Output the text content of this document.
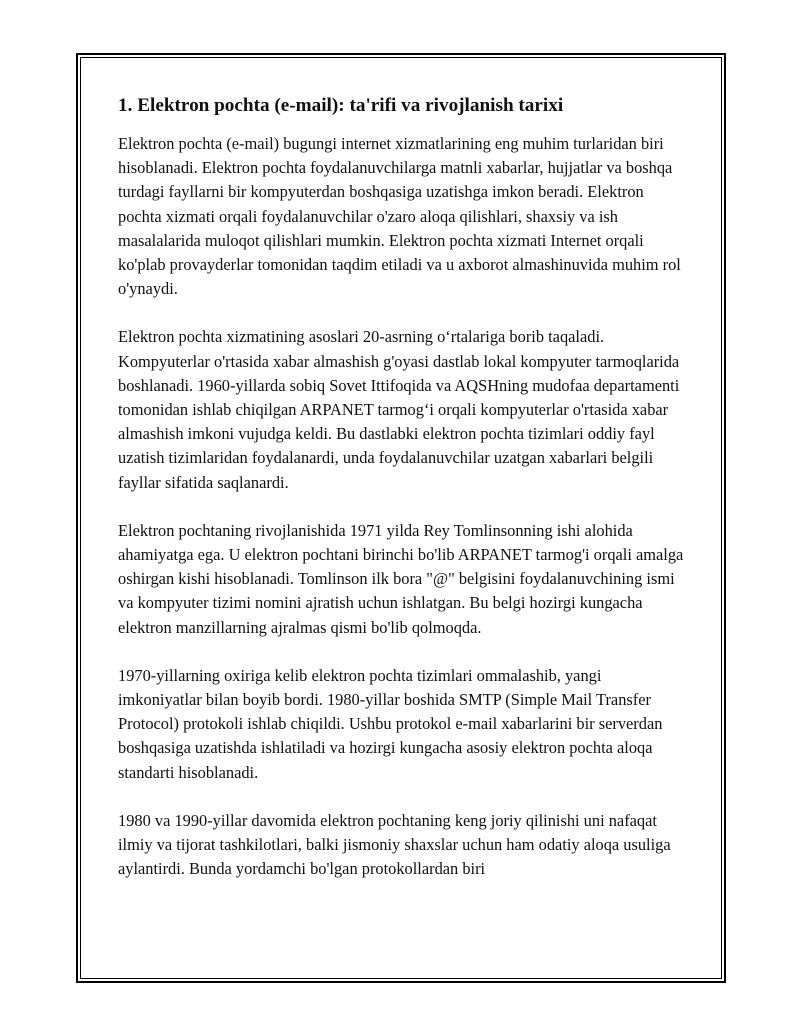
1. Elektron pochta (e-mail): ta'rifi va rivojlanish tarixi

Elektron pochta (e-mail) bugungi internet xizmatlarining eng muhim turlaridan biri hisoblanadi. Elektron pochta foydalanuvchilarga matnli xabarlar, hujjatlar va boshqa turdagi fayllarni bir kompyuterdan boshqasiga uzatishga imkon beradi. Elektron pochta xizmati orqali foydalanuvchilar o'zaro aloqa qilishlari, shaxsiy va ish masalalarida muloqot qilishlari mumkin. Elektron pochta xizmati Internet orqali ko'plab provayderlar tomonidan taqdim etiladi va u axborot almashinuvida muhim rol o'ynaydi.

Elektron pochta xizmatining asoslari 20-asrning o‘rtalariga borib taqaladi. Kompyuterlar o'rtasida xabar almashish g'oyasi dastlab lokal kompyuter tarmoqlarida boshlanadi. 1960-yillarda sobiq Sovet Ittifoqida va AQSHning mudofaa departamenti tomonidan ishlab chiqilgan ARPANET tarmog‘i orqali kompyuterlar o'rtasida xabar almashish imkoni vujudga keldi. Bu dastlabki elektron pochta tizimlari oddiy fayl uzatish tizimlaridan foydalanardi, unda foydalanuvchilar uzatgan xabarlari belgili fayllar sifatida saqlanardi.

Elektron pochtaning rivojlanishida 1971 yilda Rey Tomlinsonning ishi alohida ahamiyatga ega. U elektron pochtani birinchi bo'lib ARPANET tarmog'i orqali amalga oshirgan kishi hisoblanadi. Tomlinson ilk bora "@" belgisini foydalanuvchining ismi va kompyuter tizimi nomini ajratish uchun ishlatgan. Bu belgi hozirgi kungacha elektron manzillarning ajralmas qismi bo'lib qolmoqda.

1970-yillarning oxiriga kelib elektron pochta tizimlari ommalashib, yangi imkoniyatlar bilan boyib bordi. 1980-yillar boshida SMTP (Simple Mail Transfer Protocol) protokoli ishlab chiqildi. Ushbu protokol e-mail xabarlarini bir serverdan boshqasiga uzatishda ishlatiladi va hozirgi kungacha asosiy elektron pochta aloqa standarti hisoblanadi.

1980 va 1990-yillar davomida elektron pochtaning keng joriy qilinishi uni nafaqat ilmiy va tijorat tashkilotlari, balki jismoniy shaxslar uchun ham odatiy aloqa usuliga aylantirdi. Bunda yordamchi bo'lgan protokollardan biri
